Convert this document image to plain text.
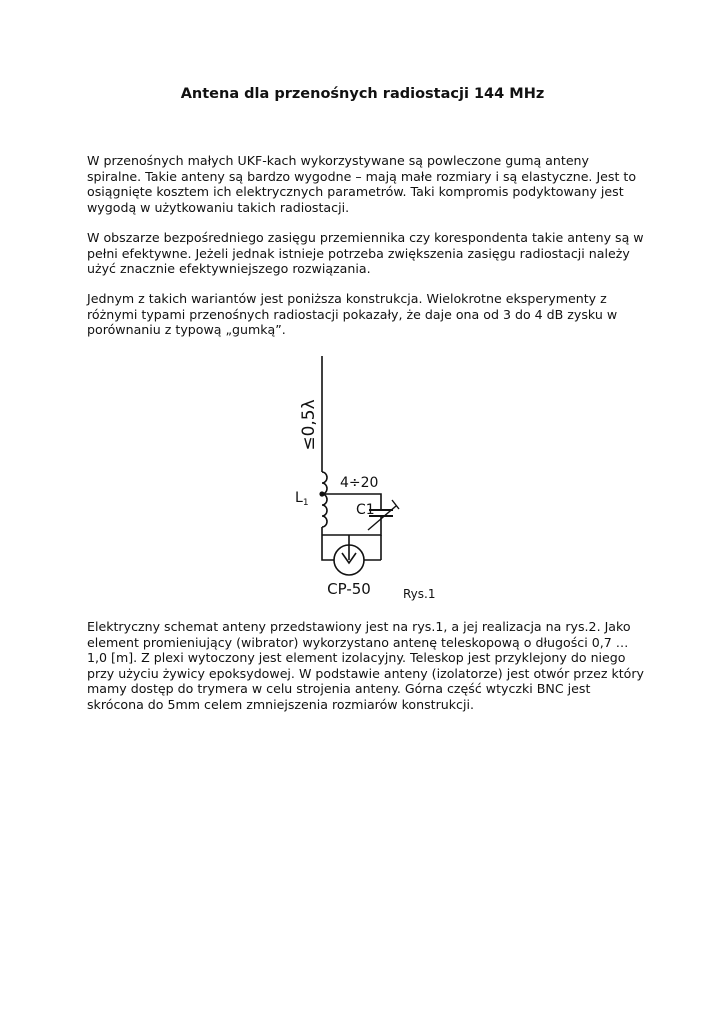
Antena dla przenośnych radiostacji 144 MHz

W przenośnych małych UKF-kach wykorzystywane są powleczone gumą anteny spiralne. Takie anteny są bardzo wygodne – mają małe rozmiary i są elastyczne. Jest to osiągnięte kosztem ich elektrycznych parametrów. Taki kompromis podyktowany jest wygodą w użytkowaniu takich radiostacji.

W obszarze bezpośredniego zasięgu przemiennika czy korespondenta takie anteny są w pełni efektywne. Jeżeli jednak istnieje potrzeba zwiększenia zasięgu radiostacji należy użyć znacznie efektywniejszego rozwiązania.

Jednym z takich wariantów jest poniższa konstrukcja. Wielokrotne eksperymenty z różnymi typami przenośnych radiostacji pokazały, że daje ona od 3 do 4 dB zysku w porównaniu z typową „gumką”.

≤0,5λ
$L_1$
4÷20
C1
CP-50	Rys.1

Elektryczny schemat anteny przedstawiony jest na rys.1, a jej realizacja na rys.2. Jako element promieniujący (wibrator) wykorzystano antenę teleskopową o długości 0,7 … 1,0 [m]. Z plexi wytoczony jest element izolacyjny. Teleskop jest przyklejony do niego przy użyciu żywicy epoksydowej. W podstawie anteny (izolatorze) jest otwór przez który mamy dostęp do trymera w celu strojenia anteny. Górna część wtyczki BNC jest skrócona do 5mm celem zmniejszenia rozmiarów konstrukcji.
